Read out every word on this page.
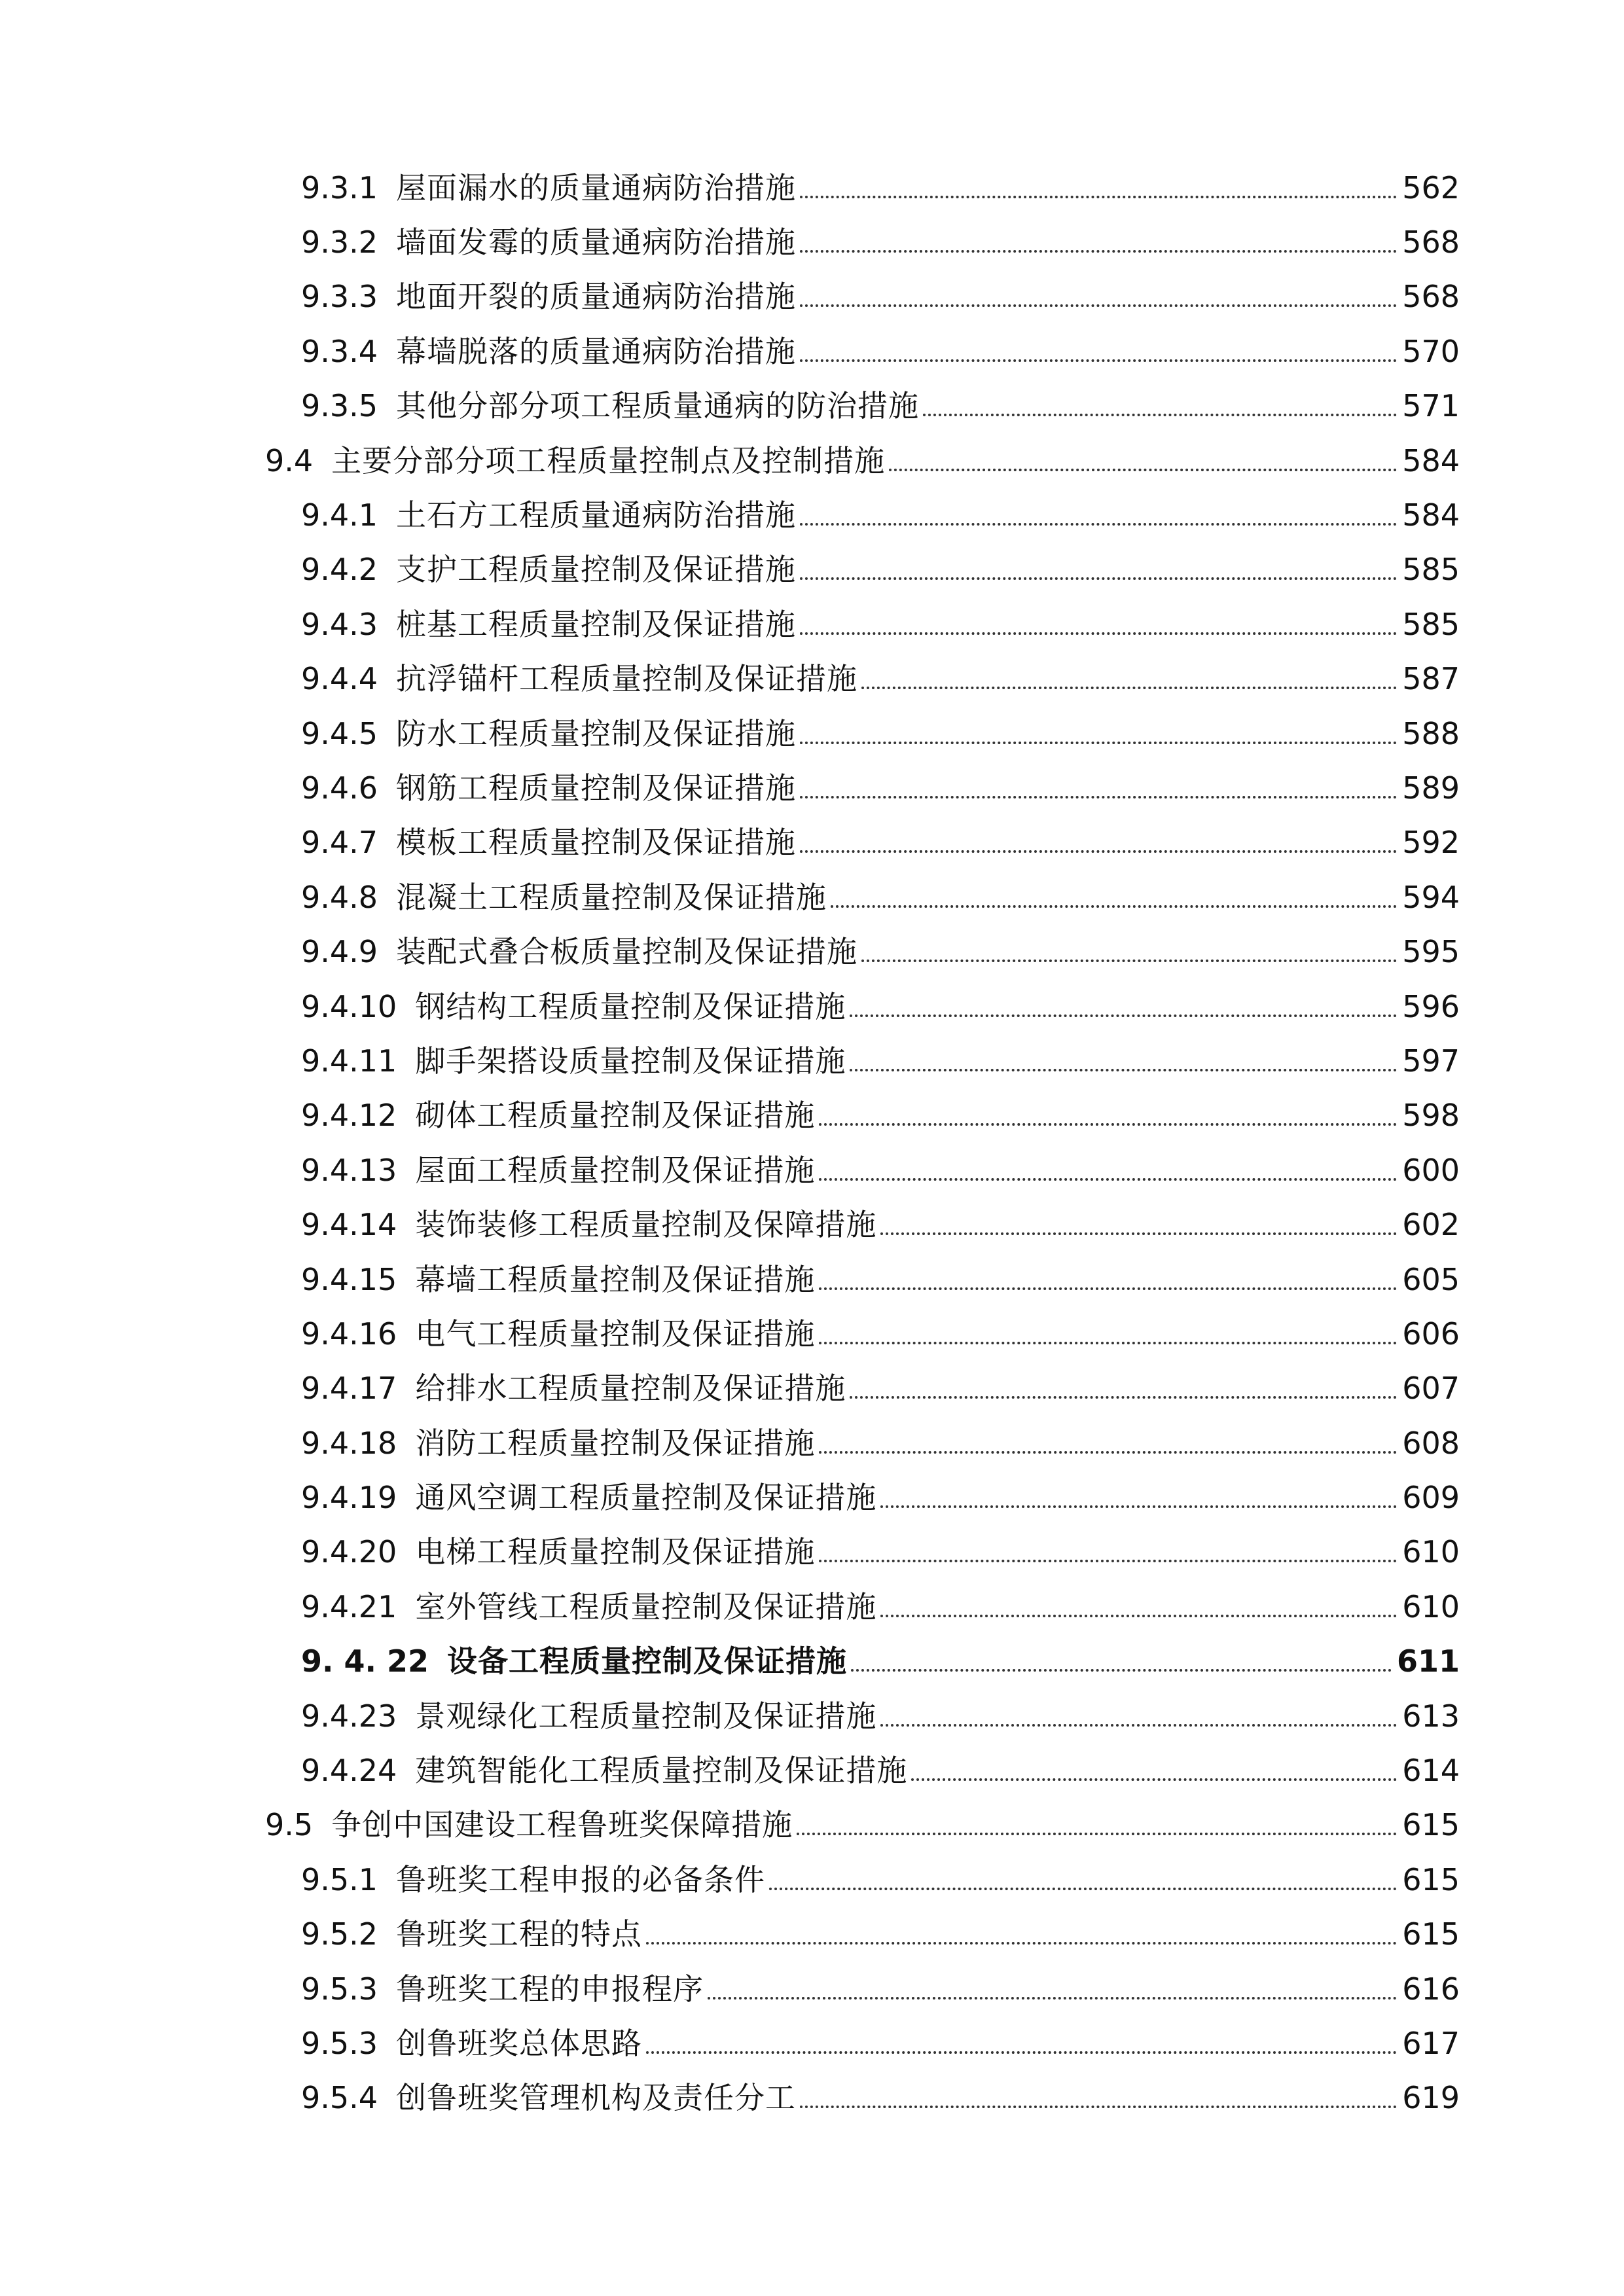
9.3.1 屋面漏水的质量通病防治措施	562
9.3.2 墙面发霉的质量通病防治措施	568
9.3.3 地面开裂的质量通病防治措施	568
9.3.4 幕墙脱落的质量通病防治措施	570
9.3.5 其他分部分项工程质量通病的防治措施	571
9.4 主要分部分项工程质量控制点及控制措施	584
9.4.1 土石方工程质量通病防治措施	584
9.4.2 支护工程质量控制及保证措施	585
9.4.3 桩基工程质量控制及保证措施	585
9.4.4 抗浮锚杆工程质量控制及保证措施	587
9.4.5 防水工程质量控制及保证措施	588
9.4.6 钢筋工程质量控制及保证措施	589
9.4.7 模板工程质量控制及保证措施	592
9.4.8 混凝土工程质量控制及保证措施	594
9.4.9 装配式叠合板质量控制及保证措施	595
9.4.10 钢结构工程质量控制及保证措施	596
9.4.11 脚手架搭设质量控制及保证措施	597
9.4.12 砌体工程质量控制及保证措施	598
9.4.13 屋面工程质量控制及保证措施	600
9.4.14 装饰装修工程质量控制及保障措施	602
9.4.15 幕墙工程质量控制及保证措施	605
9.4.16 电气工程质量控制及保证措施	606
9.4.17 给排水工程质量控制及保证措施	607
9.4.18 消防工程质量控制及保证措施	608
9.4.19 通风空调工程质量控制及保证措施	609
9.4.20 电梯工程质量控制及保证措施	610
9.4.21 室外管线工程质量控制及保证措施	610
9. 4. 22 设备工程质量控制及保证措施	611
9.4.23 景观绿化工程质量控制及保证措施	613
9.4.24 建筑智能化工程质量控制及保证措施	614
9.5 争创中国建设工程鲁班奖保障措施	615
9.5.1 鲁班奖工程申报的必备条件	615
9.5.2 鲁班奖工程的特点	615
9.5.3 鲁班奖工程的申报程序	616
9.5.3 创鲁班奖总体思路	617
9.5.4 创鲁班奖管理机构及责任分工	619
